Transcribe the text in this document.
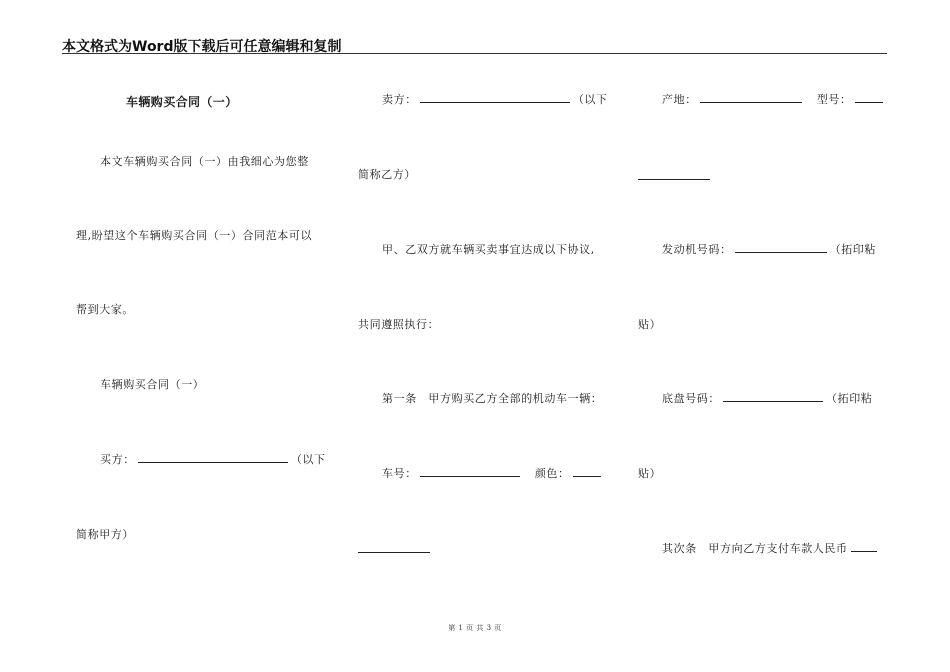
本文格式为Word版下载后可任意编辑和复制
车辆购买合同（一）
本文车辆购买合同（一）由我细心为您整
理,盼望这个车辆购买合同（一）合同范本可以
帮到大家。
车辆购买合同（一）
买方：	（以下
简称甲方）
卖方：	（以下
简称乙方）
甲、乙双方就车辆买卖事宜达成以下协议,
共同遵照执行：
第一条　甲方购买乙方全部的机动车一辆：
车号：	颜色：
产地：	型号：
发动机号码：	（拓印粘
贴）
底盘号码：	（拓印粘
贴）
其次条　甲方向乙方支付车款人民币
第 1 页 共 3 页
